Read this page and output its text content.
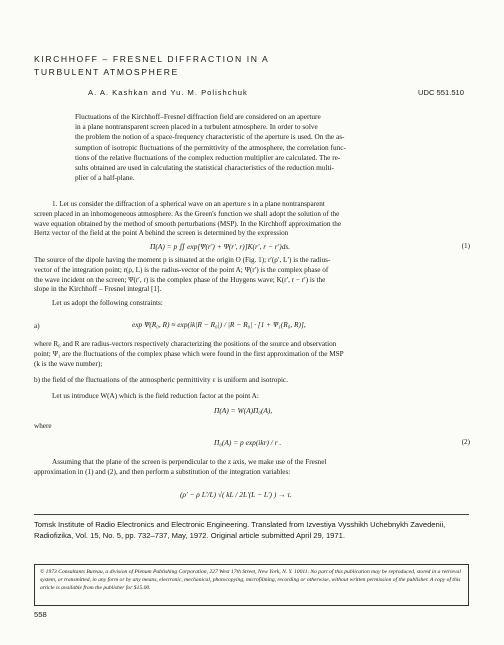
KIRCHHOFF – FRESNEL DIFFRACTION IN A
TURBULENT ATMOSPHERE
A. A. Kashkan and Yu. M. Polishchuk	UDC 551.510

Fluctuations of the Kirchhoff–Fresnel diffraction field are considered on an aperture

in a plane nontransparent screen placed in a turbulent atmosphere. In order to solve

the problem the notion of a space-frequency characteristic of the aperture is used. On the as-

sumption of isotropic fluctuations of the permittivity of the atmosphere, the correlation func-

tions of the relative fluctuations of the complex reduction multiplier are calculated. The re-

sults obtained are used in calculating the statistical characteristics of the reduction multi-

plier of a half-plane.

1. Let us consider the diffraction of a spherical wave on an aperture s in a plane nontransparent

screen placed in an inhomogeneous atmosphere. As the Green's function we shall adopt the solution of the

wave equation obtained by the method of smooth perturbations (MSP). In the Kirchhoff approximation the

Hertz vector of the field at the point A behind the screen is determined by the expression

Π(A) = p ∬ exp[Ψ(r′) + Ψ(r′, r)]K(r′, r − r′)ds.	(1)

The source of the dipole having the moment p is situated at the origin O (Fig. 1); r′(ρ′, L′) is the radius-

vector of the integration point; r(ρ, L) is the radius-vector of the point A; Ψ(r′) is the complex phase of

the wave incident on the screen; Ψ(r′, r) is the complex phase of the Huygens wave; K(r′, r − r′) is the

slope in the Kirchhoff – Fresnel integral [1].

Let us adopt the following constraints:

a)	exp Ψ(R₀, R) ≈ exp(ik|R − R₀|) / |R − R₀| · [1 + Ψ₁(R₀, R)],

where R₀ and R are radius-vectors respectively characterizing the positions of the source and observation

point; Ψ₁ are the fluctuations of the complex phase which were found in the first approximation of the MSP

(k is the wave number);

b) the field of the fluctuations of the atmospheric permittivity ε is uniform and isotropic.

Let us introduce W(A) which is the field reduction factor at the point A:

Π(A) = W(A)Π₀(A),
where
Π₀(A) = p exp(ikr) / r .	(2)

Assuming that the plane of the screen is perpendicular to the z axis, we make use of the Fresnel

approximation in (1) and (2), and then perform a substitution of the integration variables:

(ρ′ − ρ L′/L) √( kL / 2L′(L − L′) ) → τ.
Tomsk Institute of Radio Electronics and Electronic Engineering. Translated from Izvestiya Vysshikh Uchebnykh Zavedenii, Radiofizika, Vol. 15, No. 5, pp. 732–737, May, 1972. Original article submitted April 29, 1971.
© 1973 Consultants Bureau, a division of Plenum Publishing Corporation, 227 West 17th Street, New York, N. Y. 10011. No part of this publication may be reproduced, stored in a retrieval system, or transmitted, in any form or by any means, electronic, mechanical, photocopying, microfilming, recording or otherwise, without written permission of the publisher. A copy of this article is available from the publisher for $15.00.
558
